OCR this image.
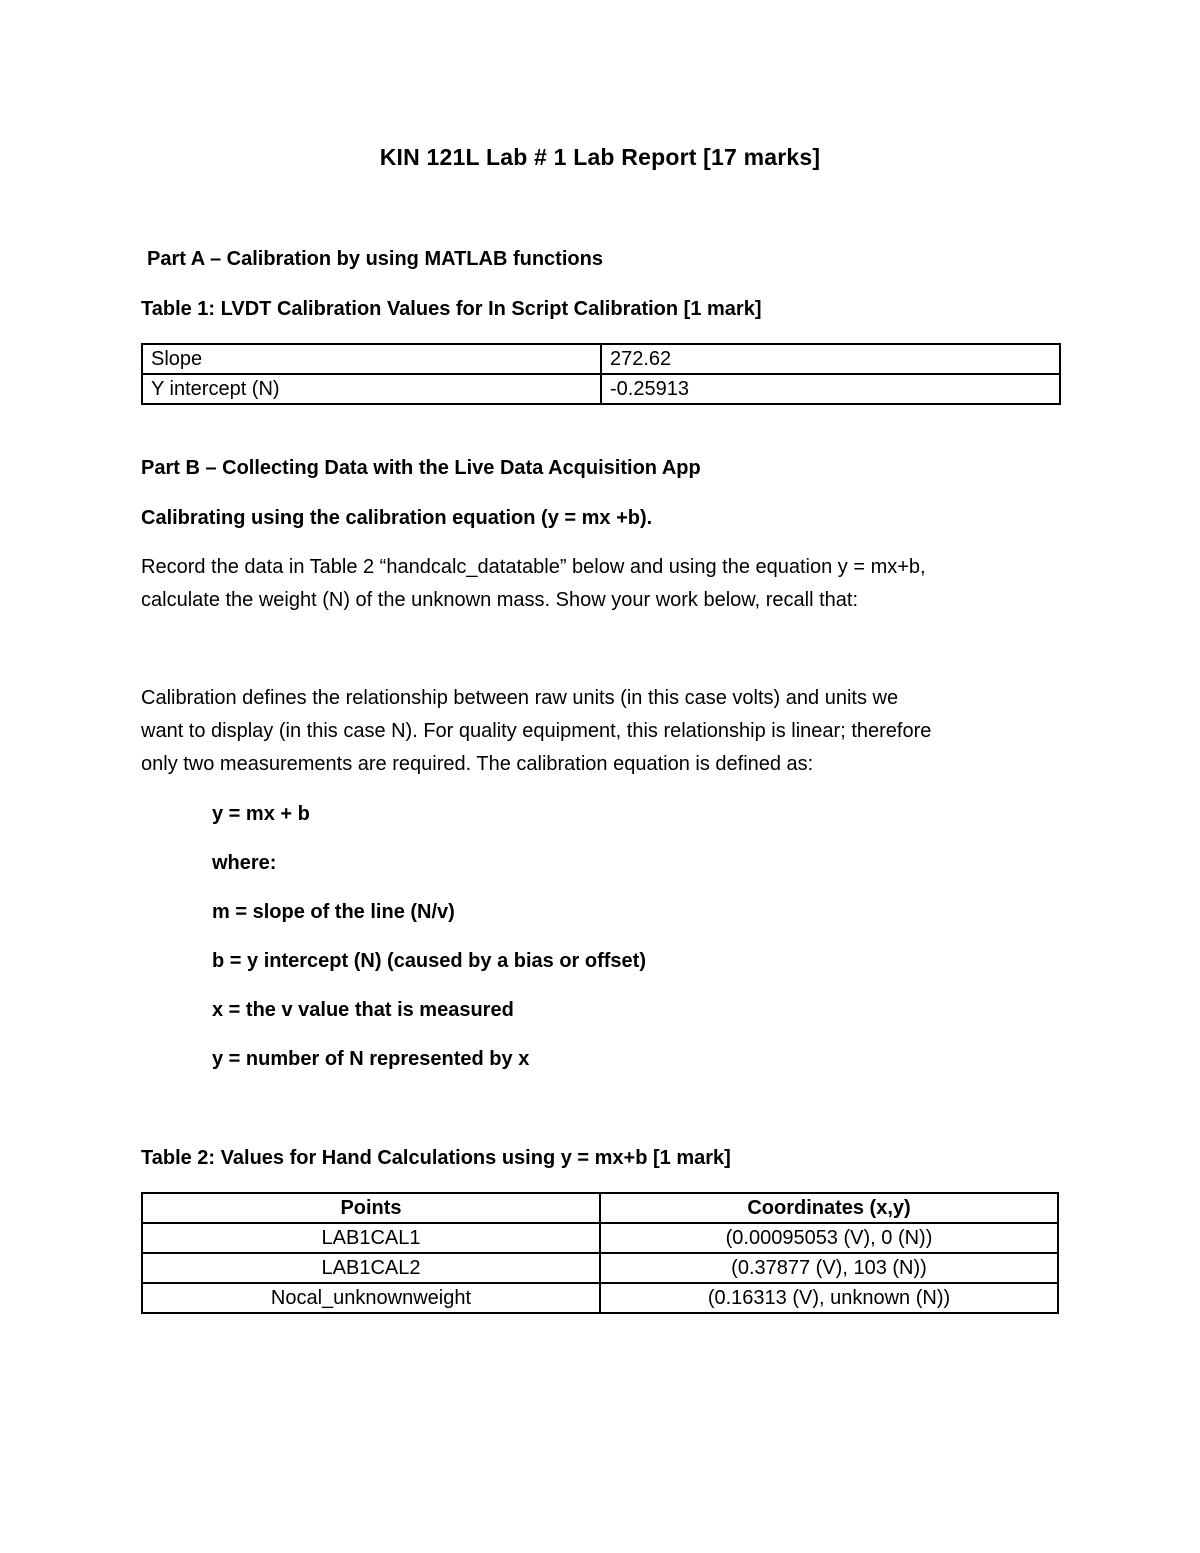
KIN 121L Lab # 1 Lab Report [17 marks]
Part A – Calibration by using MATLAB functions
Table 1: LVDT Calibration Values for In Script Calibration [1 mark]
Slope	272.62
Y intercept (N)	-0.25913
Part B – Collecting Data with the Live Data Acquisition App
Calibrating using the calibration equation (y = mx +b).
Record the data in Table 2 “handcalc_datatable” below and using the equation y = mx+b,
calculate the weight (N) of the unknown mass. Show your work below, recall that:
Calibration defines the relationship between raw units (in this case volts) and units we
want to display (in this case N). For quality equipment, this relationship is linear; therefore
only two measurements are required. The calibration equation is defined as:
y = mx + b
where:
m = slope of the line (N/v)
b = y intercept (N) (caused by a bias or offset)
x = the v value that is measured
y = number of N represented by x
Table 2: Values for Hand Calculations using y = mx+b [1 mark]
Points	Coordinates (x,y)
LAB1CAL1	(0.00095053 (V), 0 (N))
LAB1CAL2	(0.37877 (V), 103 (N))
Nocal_unknownweight	(0.16313 (V), unknown (N))
